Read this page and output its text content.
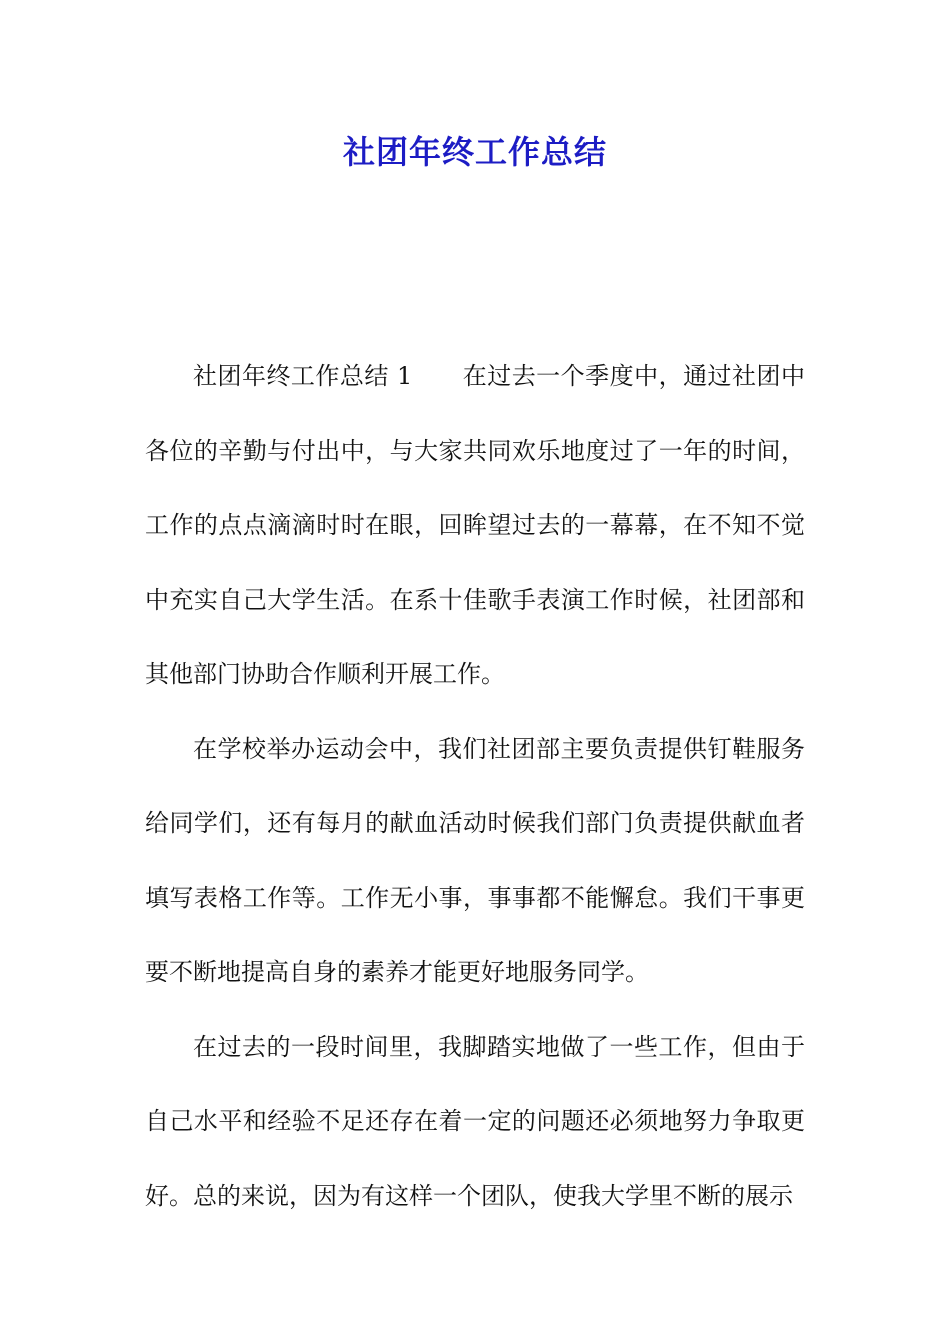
社团年终工作总结

社团年终工作总结 1 在过去一个季度中，通过社团中各位的辛勤与付出中，与大家共同欢乐地度过了一年的时间，工作的点点滴滴时时在眼，回眸望过去的一幕幕，在不知不觉中充实自己大学生活。在系十佳歌手表演工作时候，社团部和其他部门协助合作顺利开展工作。

在学校举办运动会中，我们社团部主要负责提供钉鞋服务给同学们，还有每月的献血活动时候我们部门负责提供献血者填写表格工作等。工作无小事，事事都不能懈怠。我们干事更要不断地提高自身的素养才能更好地服务同学。

在过去的一段时间里，我脚踏实地做了一些工作，但由于自己水平和经验不足还存在着一定的问题还必须地努力争取更好。总的来说，因为有这样一个团队，使我大学里不断的展示
